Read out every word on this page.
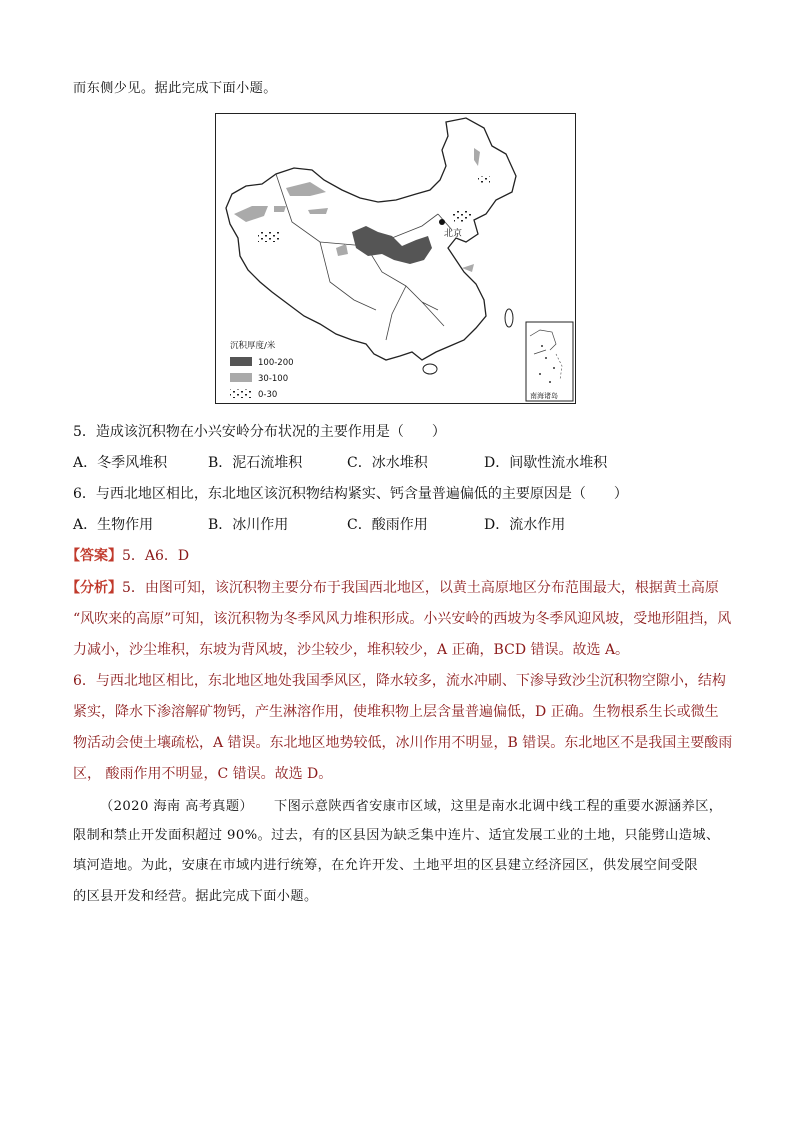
而东侧少见。据此完成下面小题。
北京
沉积厚度/米
100-200
30-100
0-30	南海诸岛
5．造成该沉积物在小兴安岭分布状况的主要作用是（　　）
A．冬季风堆积	B．泥石流堆积	C．冰水堆积	D．间歇性流水堆积
6．与西北地区相比，东北地区该沉积物结构紧实、钙含量普遍偏低的主要原因是（　　）
A．生物作用	B．冰川作用	C．酸雨作用	D．流水作用
【答案】5．A6．D
【分析】5．由图可知，该沉积物主要分布于我国西北地区，以黄土高原地区分布范围最大，根据黄土高原
“风吹来的高原”可知，该沉积物为冬季风风力堆积形成。小兴安岭的西坡为冬季风迎风坡，受地形阻挡，风
力减小，沙尘堆积，东坡为背风坡，沙尘较少，堆积较少，A 正确，BCD 错误。故选 A。
6．与西北地区相比，东北地区地处我国季风区，降水较多，流水冲刷、下渗导致沙尘沉积物空隙小，结构
紧实，降水下渗溶解矿物钙，产生淋溶作用，使堆积物上层含量普遍偏低，D 正确。生物根系生长或微生
物活动会使土壤疏松，A 错误。东北地区地势较低，冰川作用不明显，B 错误。东北地区不是我国主要酸雨
区， 酸雨作用不明显，C 错误。故选 D。
（2020 海南 高考真题） 下图示意陕西省安康市区域，这里是南水北调中线工程的重要水源涵养区，
限制和禁止开发面积超过 90%。过去，有的区县因为缺乏集中连片、适宜发展工业的土地，只能劈山造城、
填河造地。为此，安康在市域内进行统筹，在允许开发、土地平坦的区县建立经济园区，供发展空间受限
的区县开发和经营。据此完成下面小题。
